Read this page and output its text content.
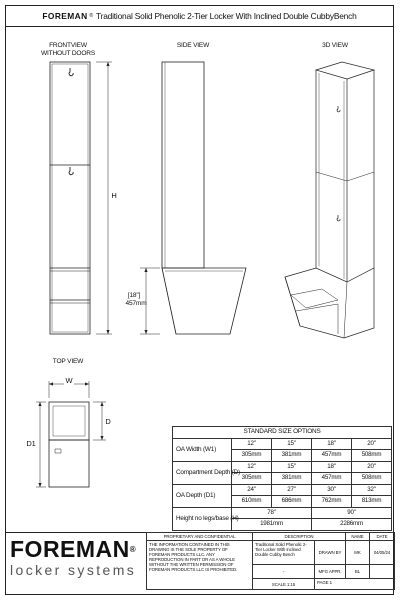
FOREMAN ® Traditional Solid Phenolic 2-Tier Locker With Inclined Double CubbyBench
FRONTVIEW
WITHOUT DOORS
SIDE VIEW	3D VIEW
TOP VIEW
H
[18"]
457mm
W
D
D1
STANDARD SIZE OPTIONS				
OA Width (W1)	12"	15"	18"	20"
	305mm	381mm	457mm	508mm
Compartment Depth (D)	12"	15"	18"	20"
	305mm	381mm	457mm	508mm
OA Depth (D1)	24"	27"	30"	32"
	610mm	686mm	762mm	813mm
Height no legs/base (H)	78"		90"	
	1981mm		2286mm	
FOREMAN®
locker systems
PROPRIETARY AND CONFIDENTIAL	DESCRIPTION		NAME	DATE
THE INFORMATION CONTAINED IN THIS DRAWING IS THE SOLE PROPERTY OF FOREMAN PRODUCTS LLC. ANY REPRODUCTION IN PART OR AS A WHOLE WITHOUT THE WRITTEN PERMISSION OF FOREMAN PRODUCTS LLC IS PROHIBITED.	Traditional Solid Phenolic 2-Tier Locker With Inclined Double Cubby Bench	DRAWN BY	MK	04/05/24
	-	MFG APPR.	BL	
	SCALE 1:15	PAGE 1		
